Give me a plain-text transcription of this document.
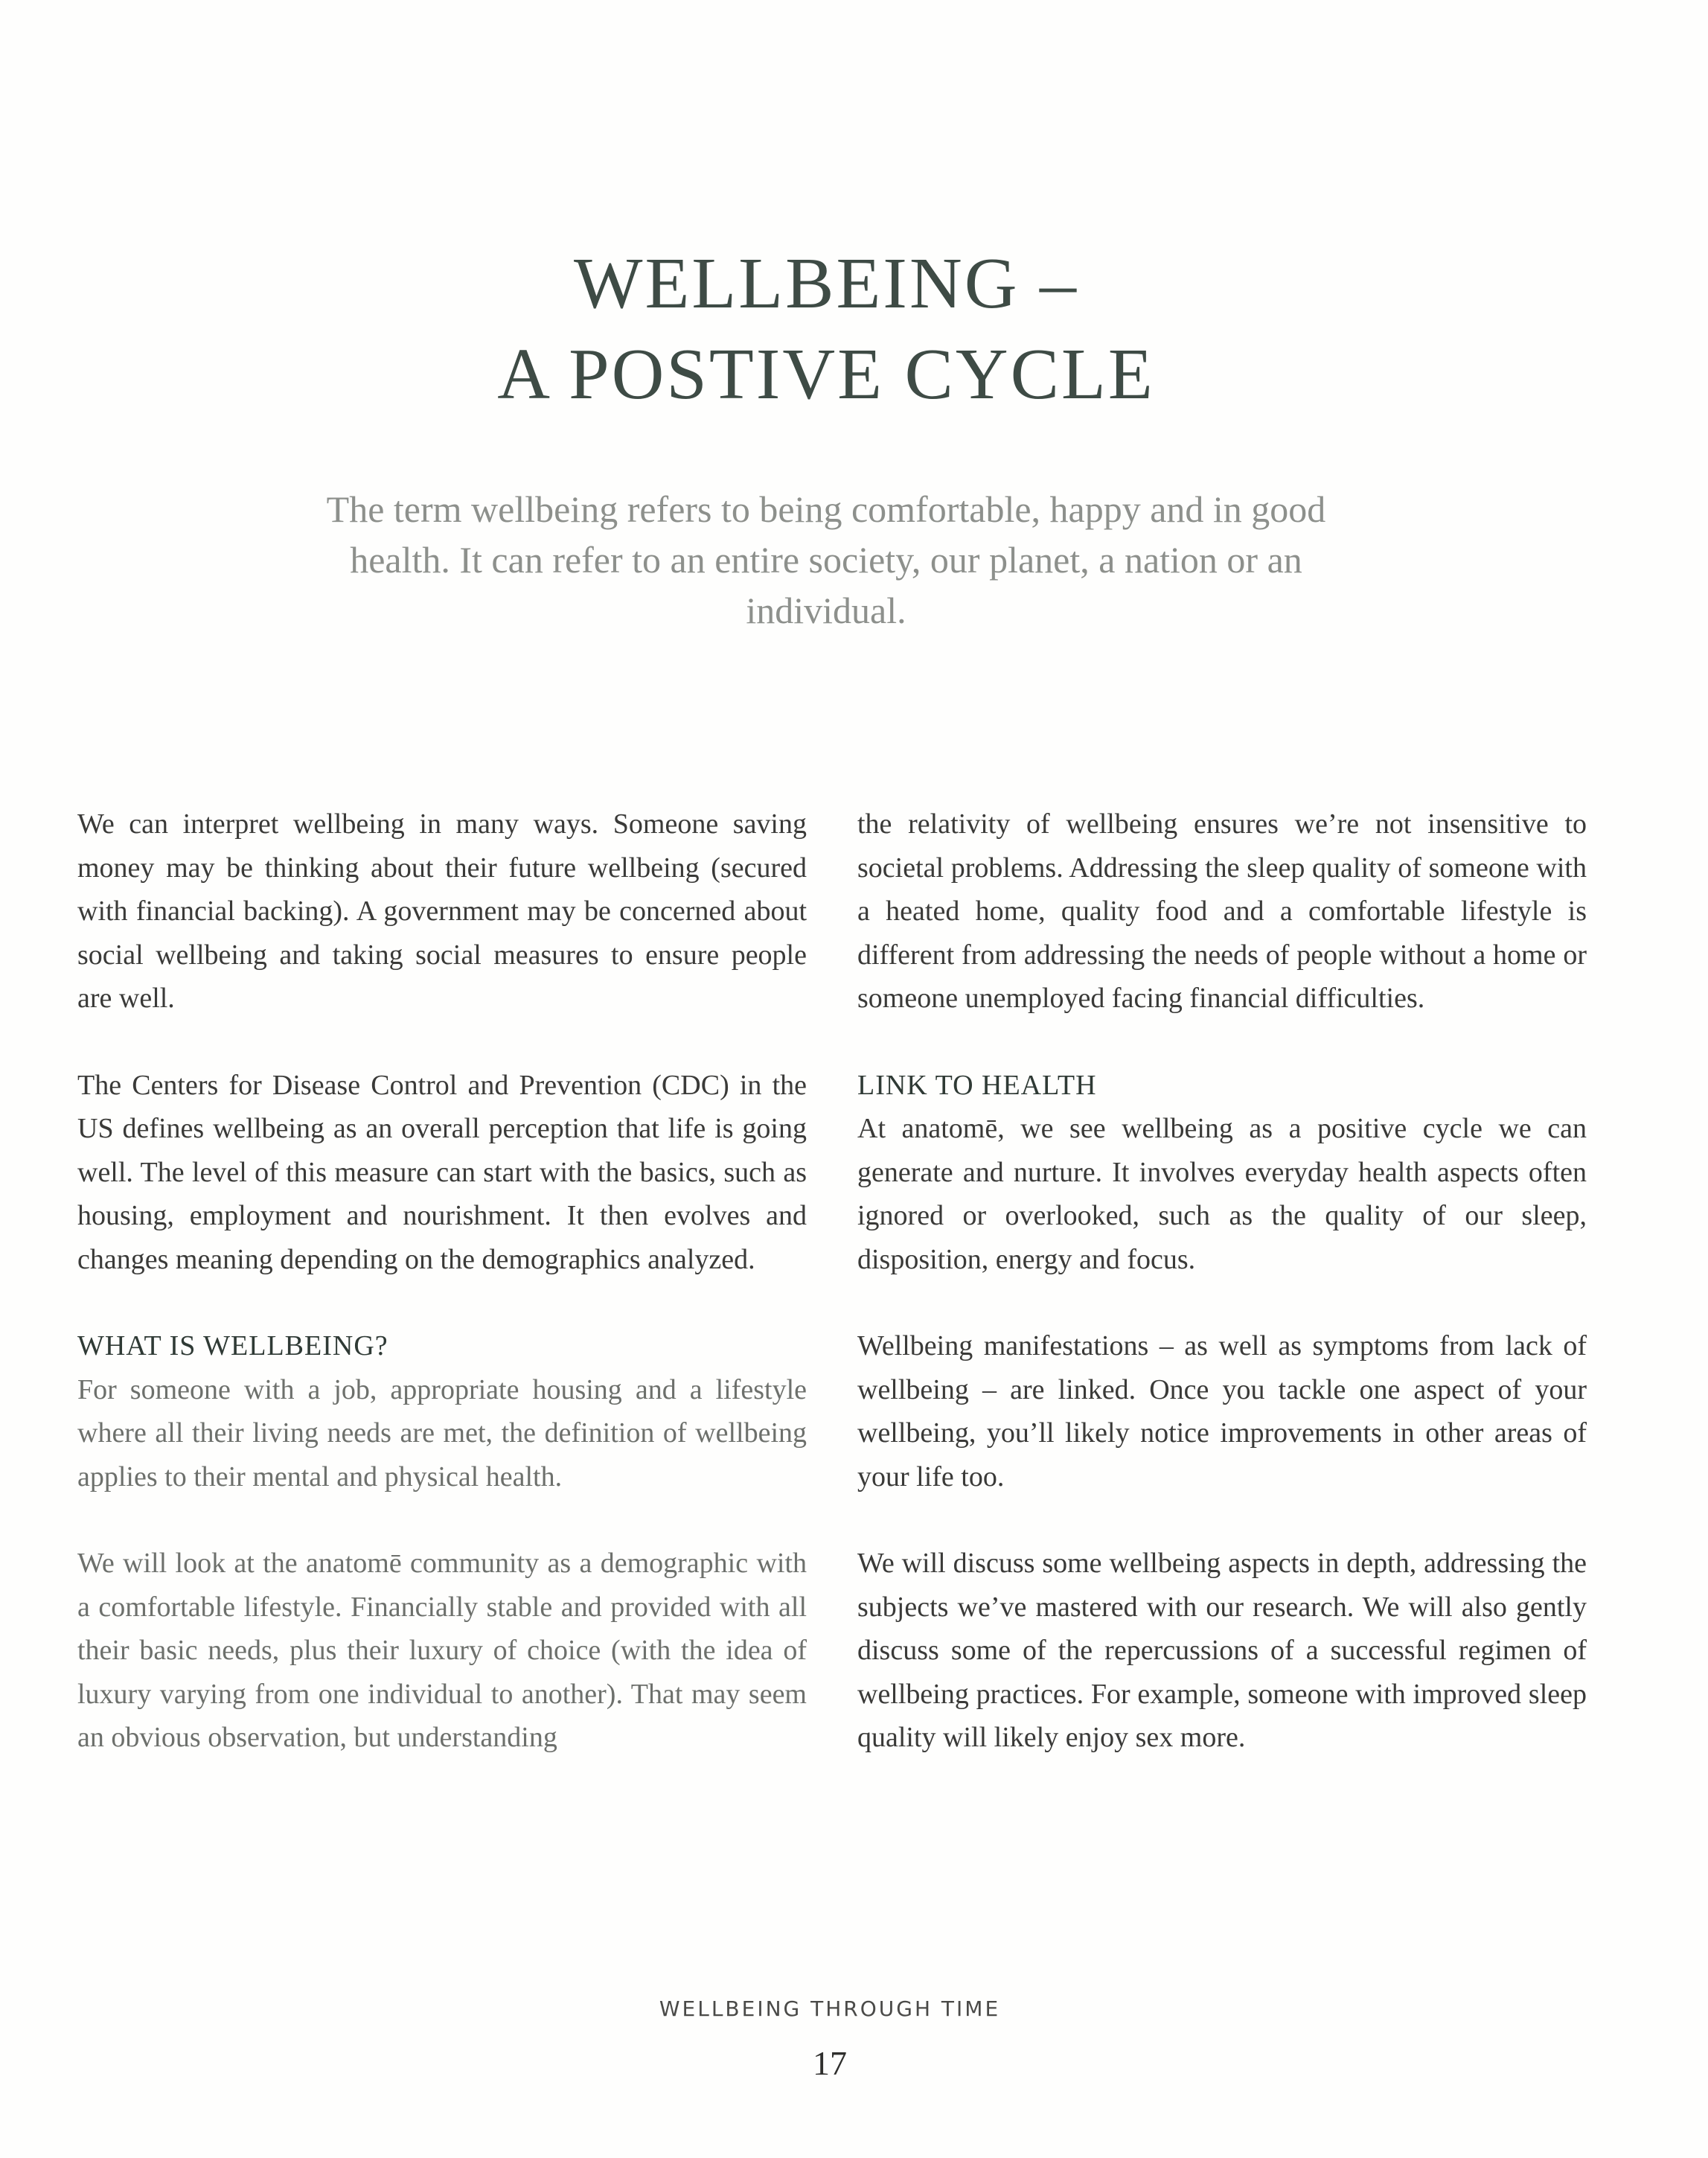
WELLBEING –
A POSTIVE CYCLE

The term wellbeing refers to being comfortable, happy and in good health. It can refer to an entire society, our planet, a nation or an individual.

We can interpret wellbeing in many ways. Someone saving money may be thinking about their future wellbeing (secured with financial backing). A government may be concerned about social wellbeing and taking social measures to ensure people are well.

The Centers for Disease Control and Prevention (CDC) in the US defines wellbeing as an overall perception that life is going well. The level of this measure can start with the basics, such as housing, employment and nourishment. It then evolves and changes meaning depending on the demographics analyzed.

WHAT IS WELLBEING?

For someone with a job, appropriate housing and a lifestyle where all their living needs are met, the definition of wellbeing applies to their mental and physical health.

We will look at the anatomē community as a demographic with a comfortable lifestyle. Financially stable and provided with all their basic needs, plus their luxury of choice (with the idea of luxury varying from one individual to another). That may seem an obvious observation, but understanding

the relativity of wellbeing ensures we’re not insensitive to societal problems. Addressing the sleep quality of someone with a heated home, quality food and a comfortable lifestyle is different from addressing the needs of people without a home or someone unemployed facing financial difficulties.

LINK TO HEALTH

At anatomē, we see wellbeing as a positive cycle we can generate and nurture. It involves everyday health aspects often ignored or overlooked, such as the quality of our sleep, disposition, energy and focus.

Wellbeing manifestations – as well as symptoms from lack of wellbeing – are linked. Once you tackle one aspect of your wellbeing, you’ll likely notice improvements in other areas of your life too.

We will discuss some wellbeing aspects in depth, addressing the subjects we’ve mastered with our research. We will also gently discuss some of the repercussions of a successful regimen of wellbeing practices. For example, someone with improved sleep quality will likely enjoy sex more.

WELLBEING THROUGH TIME
17
